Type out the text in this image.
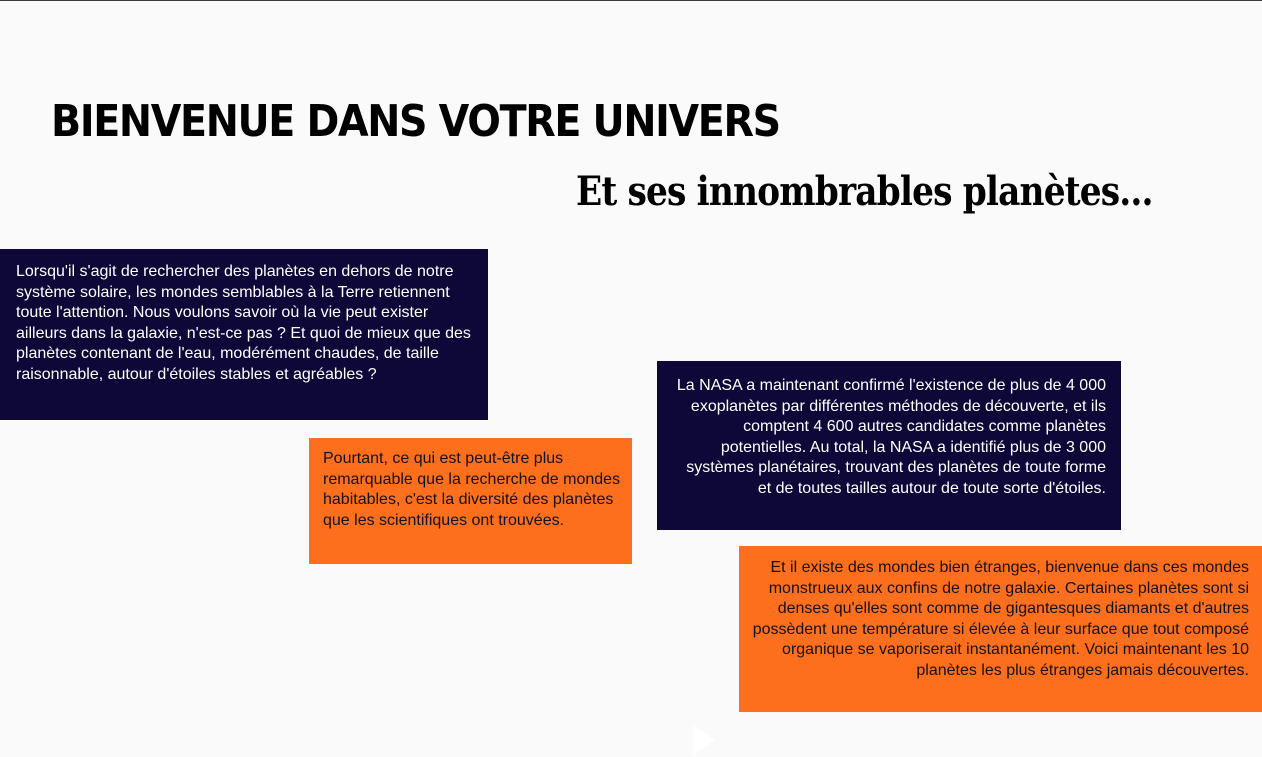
BIENVENUE DANS VOTRE UNIVERS
Et ses innombrables planètes...

Lorsqu'il s'agit de rechercher des planètes en dehors de notre système solaire, les mondes semblables à la Terre retiennent toute l'attention. Nous voulons savoir où la vie peut exister ailleurs dans la galaxie, n'est-ce pas ? Et quoi de mieux que des planètes contenant de l'eau, modérément chaudes, de taille raisonnable, autour d'étoiles stables et agréables ?

Pourtant, ce qui est peut-être plus remarquable que la recherche de mondes habitables, c'est la diversité des planètes que les scientifiques ont trouvées.

La NASA a maintenant confirmé l'existence de plus de 4 000 exoplanètes par différentes méthodes de découverte, et ils comptent 4 600 autres candidates comme planètes potentielles. Au total, la NASA a identifié plus de 3 000 systèmes planétaires, trouvant des planètes de toute forme et de toutes tailles autour de toute sorte d'étoiles.

Et il existe des mondes bien étranges, bienvenue dans ces mondes monstrueux aux confins de notre galaxie. Certaines planètes sont si denses qu'elles sont comme de gigantesques diamants et d'autres possèdent une température si élevée à leur surface que tout composé organique se vaporiserait instantanément. Voici maintenant les 10 planètes les plus étranges jamais découvertes.
